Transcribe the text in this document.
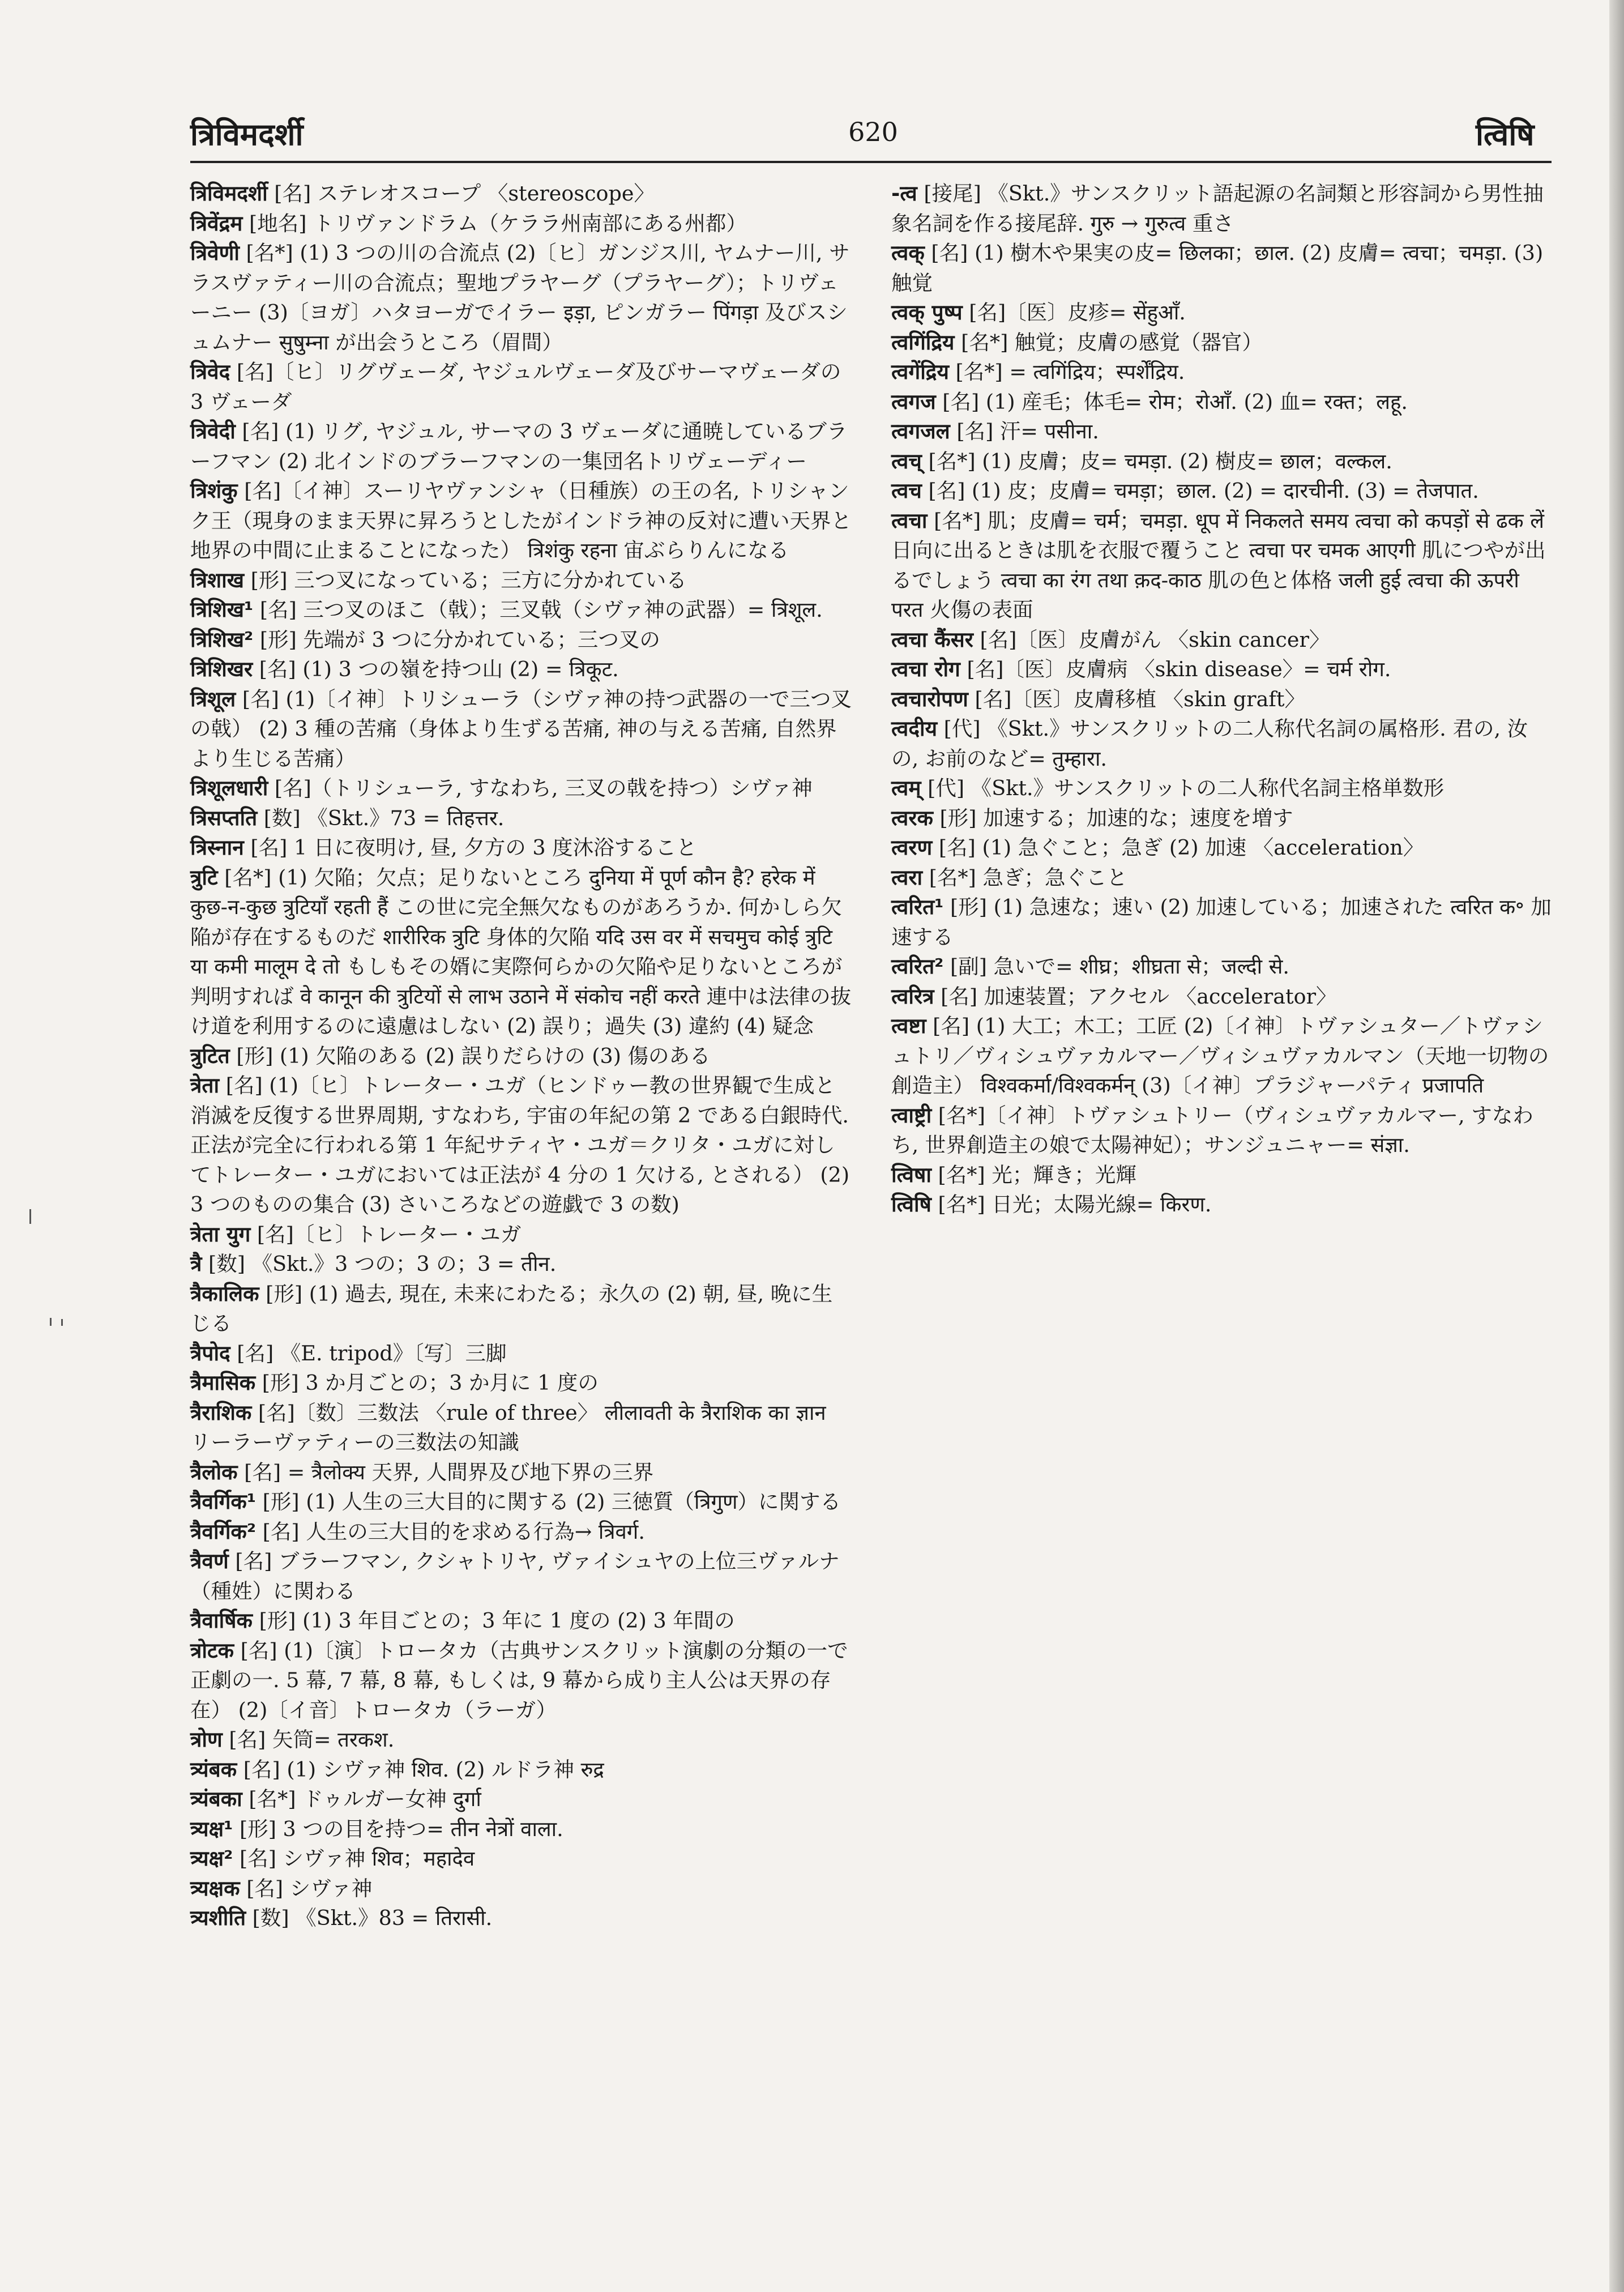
त्रिविमदर्शी	620	त्विषि

त्रिविमदर्शी [名] ステレオスコープ 〈stereoscope〉

त्रिवेंद्रम [地名] トリヴァンドラム（ケララ州南部にある州都）

त्रिवेणी [名*] (1) 3 つの川の合流点 (2)〔ヒ〕ガンジス川, ヤムナー川, サラスヴァティー川の合流点；聖地プラヤーグ（プラヤーグ）；トリヴェーニー (3)〔ヨガ〕ハタヨーガでイラー इड़ा, ピンガラー पिंगड़ा 及びスシュムナー सुषुम्ना が出会うところ（眉間）

त्रिवेद [名]〔ヒ〕リグヴェーダ, ヤジュルヴェーダ及びサーマヴェーダの 3 ヴェーダ

त्रिवेदी [名] (1) リグ, ヤジュル, サーマの 3 ヴェーダに通暁しているブラーフマン (2) 北インドのブラーフマンの一集団名トリヴェーディー

त्रिशंकु [名]〔イ神〕スーリヤヴァンシャ（日種族）の王の名, トリシャンク王（現身のまま天界に昇ろうとしたがインドラ神の反対に遭い天界と地界の中間に止まることになった） त्रिशंकु रहना 宙ぶらりんになる

त्रिशाख [形] 三つ叉になっている；三方に分かれている

त्रिशिख¹ [名] 三つ叉のほこ（戟）；三叉戟（シヴァ神の武器）= त्रिशूल.

त्रिशिख² [形] 先端が 3 つに分かれている；三つ叉の

त्रिशिखर [名] (1) 3 つの嶺を持つ山 (2) = त्रिकूट.

त्रिशूल [名] (1)〔イ神〕トリシューラ（シヴァ神の持つ武器の一で三つ叉の戟） (2) 3 種の苦痛（身体より生ずる苦痛, 神の与える苦痛, 自然界より生じる苦痛）

त्रिशूलधारी [名]（トリシューラ, すなわち, 三叉の戟を持つ）シヴァ神

त्रिसप्तति [数] 《Skt.》73 = तिहत्तर.

त्रिस्नान [名] 1 日に夜明け, 昼, 夕方の 3 度沐浴すること

त्रुटि [名*] (1) 欠陥；欠点；足りないところ दुनिया में पूर्ण कौन है? हरेक में कुछ-न-कुछ त्रुटियाँ रहती हैं この世に完全無欠なものがあろうか. 何かしら欠陥が存在するものだ शारीरिक त्रुटि 身体的欠陥 यदि उस वर में सचमुच कोई त्रुटि या कमी मालूम दे तो もしもその婿に実際何らかの欠陥や足りないところが判明すれば वे कानून की त्रुटियों से लाभ उठाने में संकोच नहीं करते 連中は法律の抜け道を利用するのに遠慮はしない (2) 誤り；過失 (3) 違約 (4) 疑念

त्रुटित [形] (1) 欠陥のある (2) 誤りだらけの (3) 傷のある

त्रेता [名] (1)〔ヒ〕トレーター・ユガ（ヒンドゥー教の世界観で生成と消滅を反復する世界周期, すなわち, 宇宙の年紀の第 2 である白銀時代. 正法が完全に行われる第 1 年紀サティヤ・ユガ＝クリタ・ユガに対してトレーター・ユガにおいては正法が 4 分の 1 欠ける, とされる） (2) 3 つのものの集合 (3) さいころなどの遊戯で 3 の数)

त्रेता युग [名]〔ヒ〕トレーター・ユガ

त्रै [数] 《Skt.》3 つの；3 の；3 = तीन.

त्रैकालिक [形] (1) 過去, 現在, 未来にわたる；永久の (2) 朝, 昼, 晩に生じる

त्रैपोद [名] 《E. tripod》〔写〕三脚

त्रैमासिक [形] 3 か月ごとの；3 か月に 1 度の

त्रैराशिक [名]〔数〕三数法 〈rule of three〉 लीलावती के त्रैराशिक का ज्ञान リーラーヴァティーの三数法の知識

त्रैलोक [名] = त्रैलोक्य 天界, 人間界及び地下界の三界

त्रैवर्गिक¹ [形] (1) 人生の三大目的に関する (2) 三徳質（त्रिगुण）に関する

त्रैवर्गिक² [名] 人生の三大目的を求める行為→ त्रिवर्ग.

त्रैवर्ण [名] ブラーフマン, クシャトリヤ, ヴァイシュヤの上位三ヴァルナ（種姓）に関わる

त्रैवार्षिक [形] (1) 3 年目ごとの；3 年に 1 度の (2) 3 年間の

त्रोटक [名] (1)〔演〕トロータカ（古典サンスクリット演劇の分類の一で正劇の一. 5 幕, 7 幕, 8 幕, もしくは, 9 幕から成り主人公は天界の存在） (2)〔イ音〕トロータカ（ラーガ）

त्रोण [名] 矢筒= तरकश.

त्र्यंबक [名] (1) シヴァ神 शिव. (2) ルドラ神 रुद्र

त्र्यंबका [名*] ドゥルガー女神 दुर्गा

त्र्यक्ष¹ [形] 3 つの目を持つ= तीन नेत्रों वाला.

त्र्यक्ष² [名] シヴァ神 शिव；महादेव

त्र्यक्षक [名] シヴァ神

त्र्यशीति [数] 《Skt.》83 = तिरासी.

-त्व [接尾] 《Skt.》サンスクリット語起源の名詞類と形容詞から男性抽象名詞を作る接尾辞. गुरु → गुरुत्व 重さ

त्वक् [名] (1) 樹木や果実の皮= छिलका；छाल. (2) 皮膚= त्वचा；चमड़ा. (3) 触覚

त्वक् पुष्प [名]〔医〕皮疹= सेंहुआँ.

त्वगिंद्रिय [名*] 触覚；皮膚の感覚（器官）

त्वगेंद्रिय [名*] = त्वगिंद्रिय；स्पर्शेंद्रिय.

त्वगज [名] (1) 産毛；体毛= रोम；रोआँ. (2) 血= रक्त；लहू.

त्वगजल [名] 汗= पसीना.

त्वच् [名*] (1) 皮膚；皮= चमड़ा. (2) 樹皮= छाल；वल्कल.

त्वच [名] (1) 皮；皮膚= चमड़ा；छाल. (2) = दारचीनी. (3) = तेजपात.

त्वचा [名*] 肌；皮膚= चर्म；चमड़ा. धूप में निकलते समय त्वचा को कपड़ों से ढक लें 日向に出るときは肌を衣服で覆うこと त्वचा पर चमक आएगी 肌につやが出るでしょう त्वचा का रंग तथा क़द-काठ 肌の色と体格 जली हुई त्वचा की ऊपरी परत 火傷の表面

त्वचा कैंसर [名]〔医〕皮膚がん 〈skin cancer〉

त्वचा रोग [名]〔医〕皮膚病 〈skin disease〉= चर्म रोग.

त्वचारोपण [名]〔医〕皮膚移植 〈skin graft〉

त्वदीय [代] 《Skt.》サンスクリットの二人称代名詞の属格形. 君の, 汝の, お前のなど= तुम्हारा.

त्वम् [代] 《Skt.》サンスクリットの二人称代名詞主格単数形

त्वरक [形] 加速する；加速的な；速度を増す

त्वरण [名] (1) 急ぐこと；急ぎ (2) 加速 〈acceleration〉

त्वरा [名*] 急ぎ；急ぐこと

त्वरित¹ [形] (1) 急速な；速い (2) 加速している；加速された त्वरित क॰ 加速する

त्वरित² [副] 急いで= शीघ्र；शीघ्रता से；जल्दी से.

त्वरित्र [名] 加速装置；アクセル 〈accelerator〉

त्वष्टा [名] (1) 大工；木工；工匠 (2)〔イ神〕トヴァシュター／トヴァシュトリ／ヴィシュヴァカルマー／ヴィシュヴァカルマン（天地一切物の創造主） विश्वकर्मा/विश्वकर्मन् (3)〔イ神〕プラジャーパティ प्रजापति

त्वाष्ट्री [名*]〔イ神〕トヴァシュトリー（ヴィシュヴァカルマー, すなわち, 世界創造主の娘で太陽神妃）；サンジュニャー= संज्ञा.

त्विषा [名*] 光；輝き；光輝

त्विषि [名*] 日光；太陽光線= किरण.
